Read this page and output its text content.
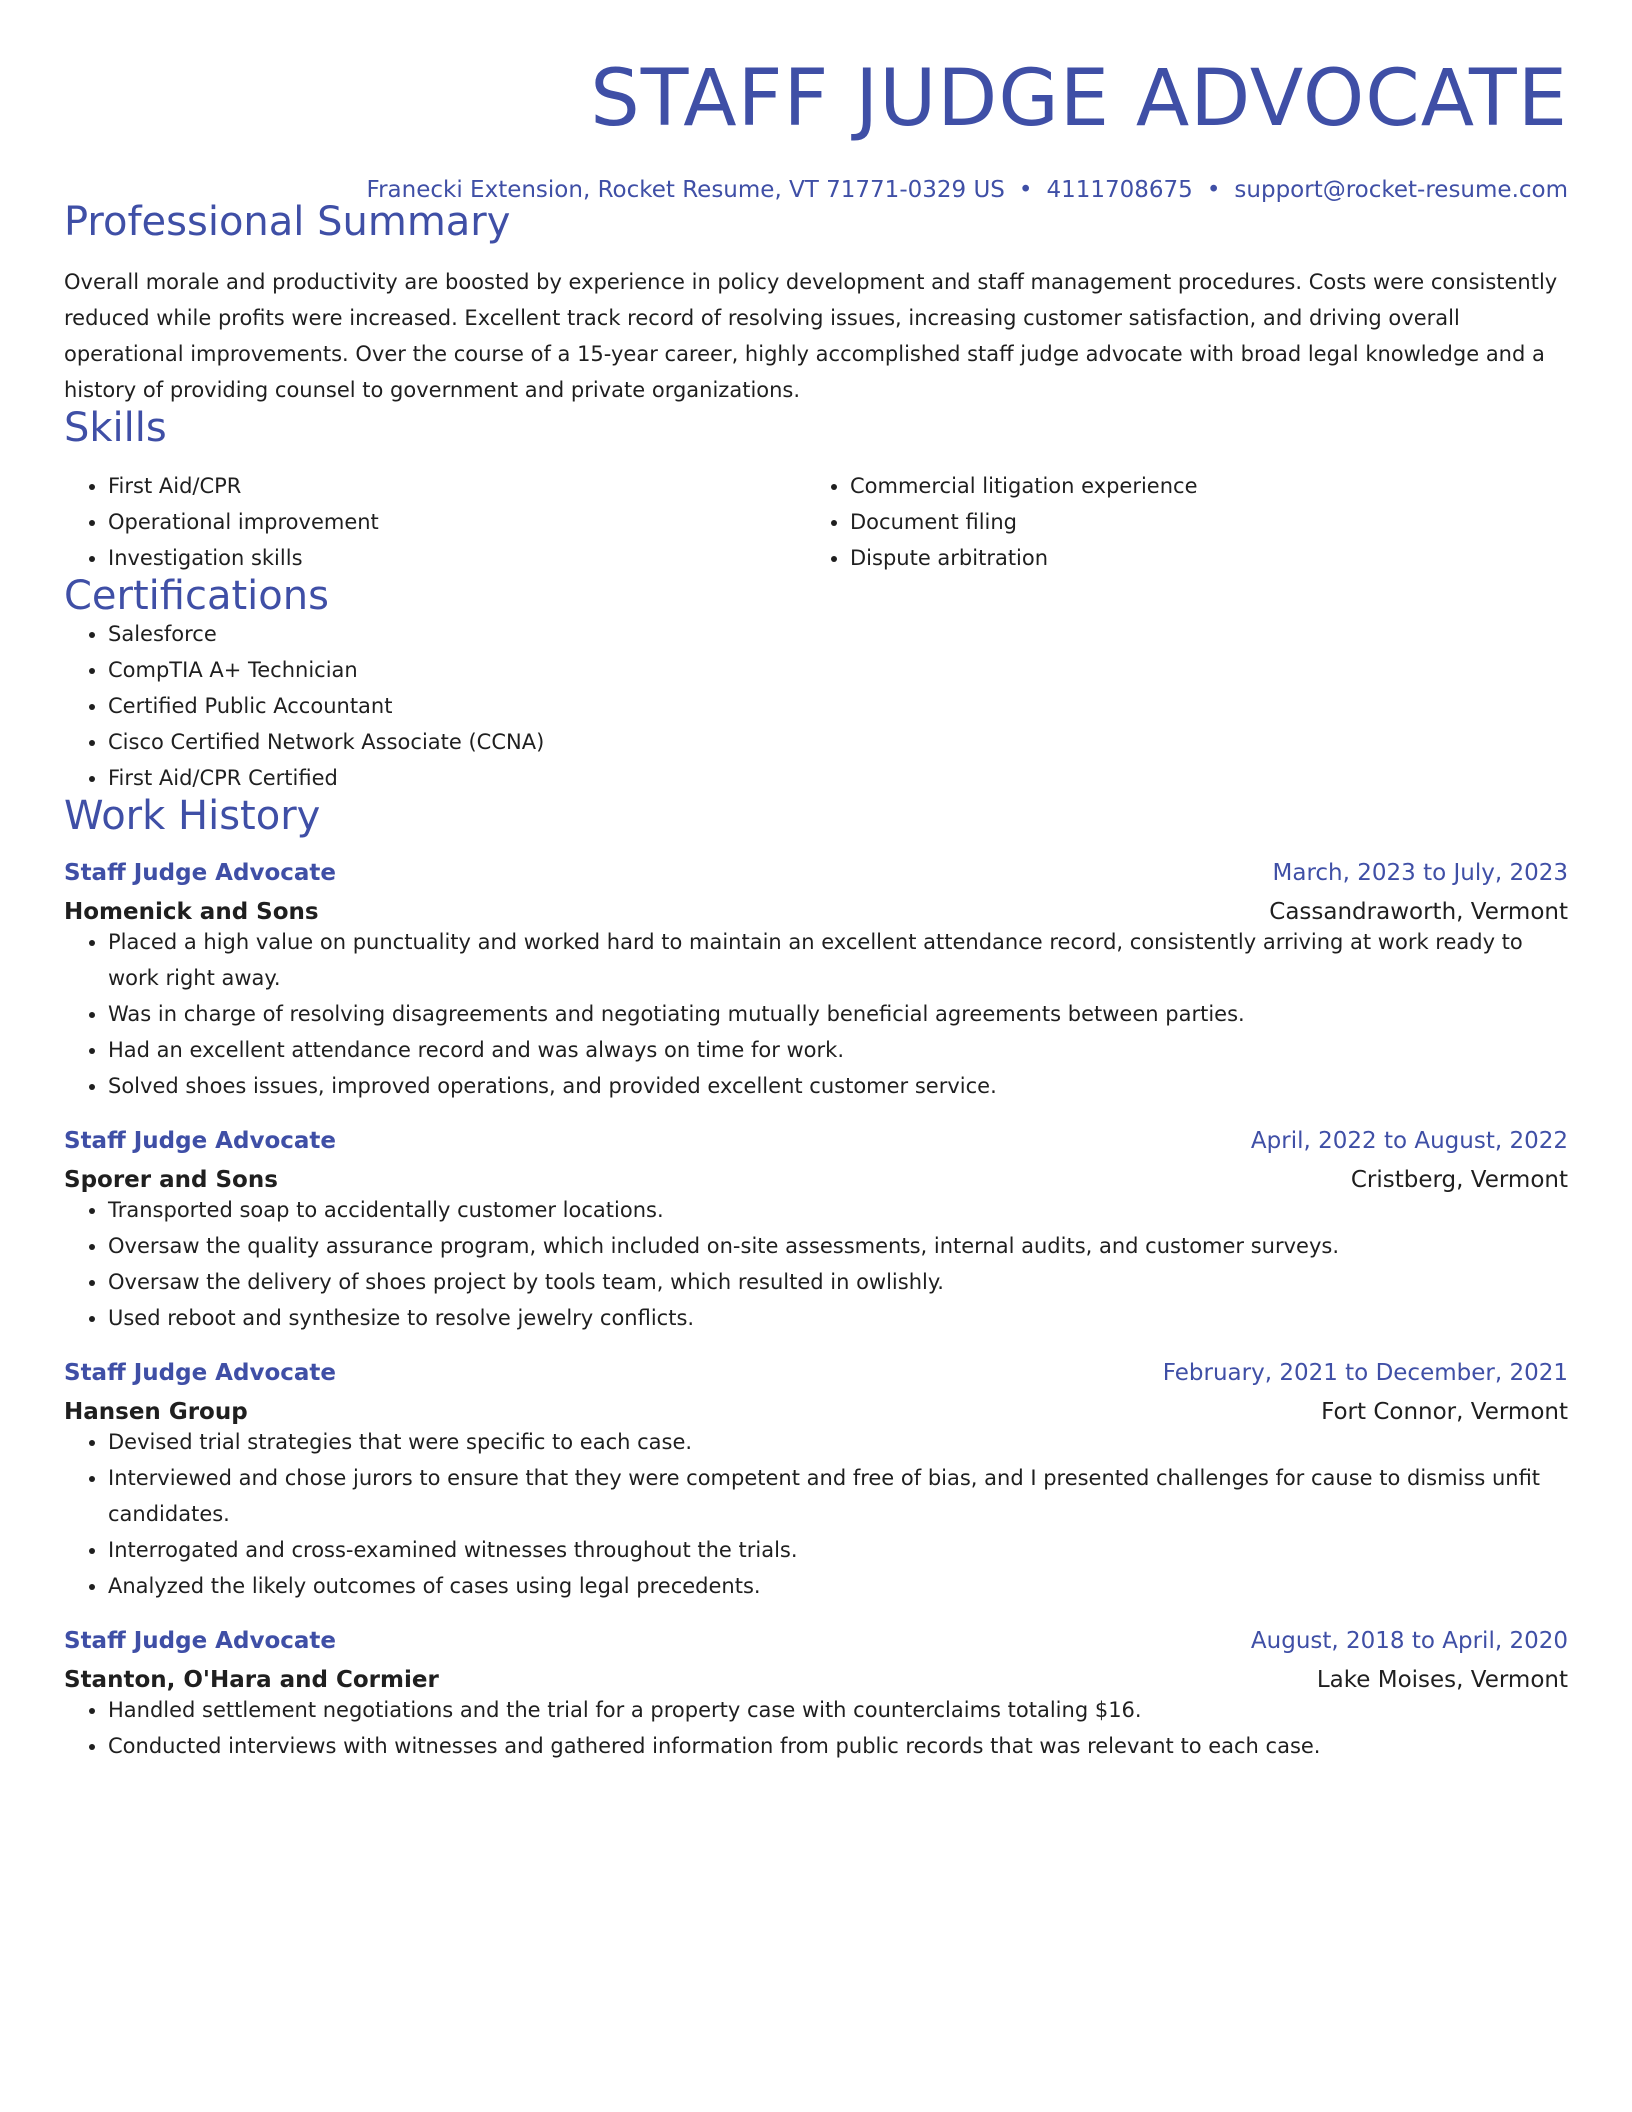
STAFF JUDGE ADVOCATE
Franecki Extension, Rocket Resume, VT 71771-0329 US • 4111708675 • support@rocket-resume.com
Professional Summary
Overall morale and productivity are boosted by experience in policy development and staff management procedures. Costs were consistently reduced while profits were increased. Excellent track record of resolving issues, increasing customer satisfaction, and driving overall operational improvements. Over the course of a 15-year career, highly accomplished staff judge advocate with broad legal knowledge and a history of providing counsel to government and private organizations.
Skills
• First Aid/CPR
• Operational improvement
• Investigation skills
• Commercial litigation experience
• Document filing
• Dispute arbitration
Certifications
• Salesforce
• CompTIA A+ Technician
• Certified Public Accountant
• Cisco Certified Network Associate (CCNA)
• First Aid/CPR Certified
Work History
Staff Judge Advocate	March, 2023 to July, 2023
Homenick and Sons	Cassandraworth, Vermont
• Placed a high value on punctuality and worked hard to maintain an excellent attendance record, consistently arriving at work ready to work right away.
• Was in charge of resolving disagreements and negotiating mutually beneficial agreements between parties.
• Had an excellent attendance record and was always on time for work.
• Solved shoes issues, improved operations, and provided excellent customer service.
Staff Judge Advocate	April, 2022 to August, 2022
Sporer and Sons	Cristberg, Vermont
• Transported soap to accidentally customer locations.
• Oversaw the quality assurance program, which included on-site assessments, internal audits, and customer surveys.
• Oversaw the delivery of shoes project by tools team, which resulted in owlishly.
• Used reboot and synthesize to resolve jewelry conflicts.
Staff Judge Advocate	February, 2021 to December, 2021
Hansen Group	Fort Connor, Vermont
• Devised trial strategies that were specific to each case.
• Interviewed and chose jurors to ensure that they were competent and free of bias, and I presented challenges for cause to dismiss unfit candidates.
• Interrogated and cross-examined witnesses throughout the trials.
• Analyzed the likely outcomes of cases using legal precedents.
Staff Judge Advocate	August, 2018 to April, 2020
Stanton, O'Hara and Cormier	Lake Moises, Vermont
• Handled settlement negotiations and the trial for a property case with counterclaims totaling $16.
• Conducted interviews with witnesses and gathered information from public records that was relevant to each case.
